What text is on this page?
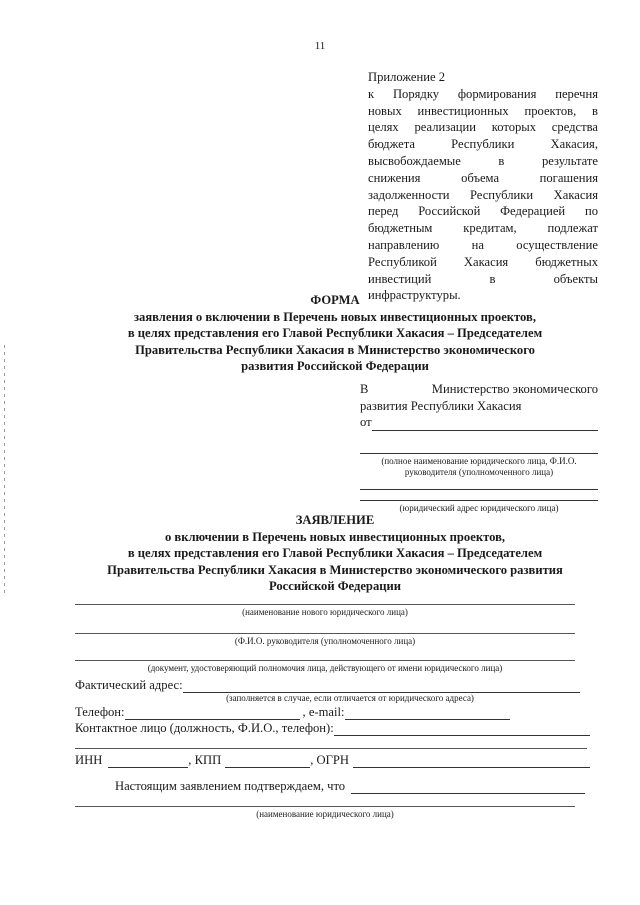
11
Приложение 2
к Порядку формирования перечня
новых инвестиционных проектов, в
целях реализации которых средства
бюджета Республики Хакасия,
высвобождаемые в результате
снижения объема погашения
задолженности Республики Хакасия
перед Российской Федерацией по
бюджетным кредитам, подлежат
направлению на осуществление
Республикой Хакасия бюджетных
инвестиций в объекты
инфраструктуры.
ФОРМА
заявления о включении в Перечень новых инвестиционных проектов,
в целях представления его Главой Республики Хакасия – Председателем
Правительства Республики Хакасия в Министерство экономического
развития Российской Федерации
В	Министерство экономического
развития Республики Хакасия
от
(полное наименование юридического лица, Ф.И.О.
руководителя (уполномоченного лица)
(юридический адрес юридического лица)
ЗАЯВЛЕНИЕ
о включении в Перечень новых инвестиционных проектов,
в целях представления его Главой Республики Хакасия – Председателем
Правительства Республики Хакасия в Министерство экономического развития
Российской Федерации
(наименование нового юридического лица)
(Ф.И.О. руководителя (уполномоченного лица)
(документ, удостоверяющий полномочия лица, действующего от имени юридического лица)
Фактический адрес:
(заполняется в случае, если отличается от юридического адреса)
Телефон:	, e-mail:
Контактное лицо (должность, Ф.И.О., телефон):
ИНН	, КПП	, ОГРН
Настоящим заявлением подтверждаем, что
(наименование юридического лица)
